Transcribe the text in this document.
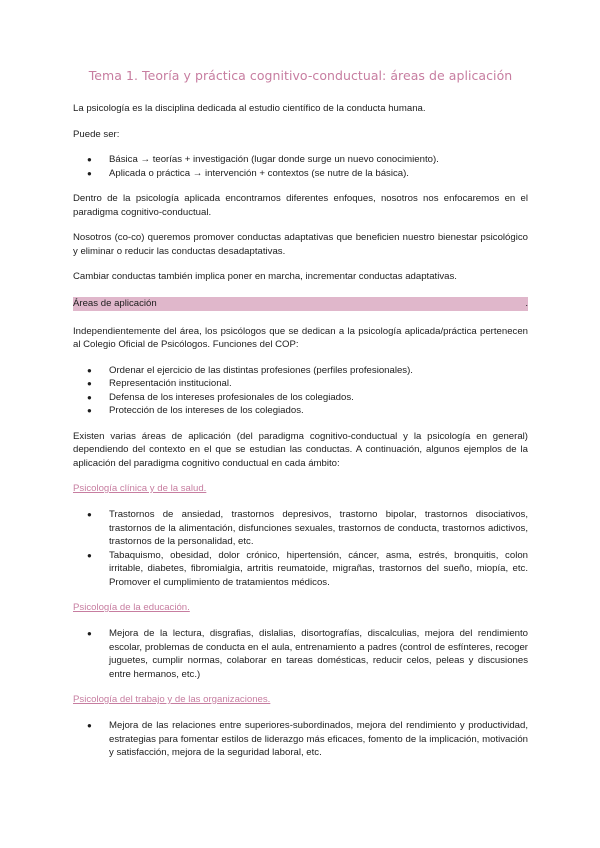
Tema 1. Teoría y práctica cognitivo-conductual: áreas de aplicación

La psicología es la disciplina dedicada al estudio científico de la conducta humana.

Puede ser:

● Básica → teorías + investigación (lugar donde surge un nuevo conocimiento).
● Aplicada o práctica → intervención + contextos (se nutre de la básica).

Dentro de la psicología aplicada encontramos diferentes enfoques, nosotros nos enfocaremos en el paradigma cognitivo-conductual.

Nosotros (co-co) queremos promover conductas adaptativas que beneficien nuestro bienestar psicológico y eliminar o reducir las conductas desadaptativas.

Cambiar conductas también implica poner en marcha, incrementar conductas adaptativas.

Áreas de aplicación	.

Independientemente del área, los psicólogos que se dedican a la psicología aplicada/práctica pertenecen al Colegio Oficial de Psicólogos. Funciones del COP:

● Ordenar el ejercicio de las distintas profesiones (perfiles profesionales).
● Representación institucional.
● Defensa de los intereses profesionales de los colegiados.
● Protección de los intereses de los colegiados.

Existen varias áreas de aplicación (del paradigma cognitivo-conductual y la psicología en general) dependiendo del contexto en el que se estudian las conductas. A continuación, algunos ejemplos de la aplicación del paradigma cognitivo conductual en cada ámbito:

Psicología clínica y de la salud.
● Trastornos de ansiedad, trastornos depresivos, trastorno bipolar, trastornos disociativos, trastornos de la alimentación, disfunciones sexuales, trastornos de conducta, trastornos adictivos, trastornos de la personalidad, etc.
● Tabaquismo, obesidad, dolor crónico, hipertensión, cáncer, asma, estrés, bronquitis, colon irritable, diabetes, fibromialgia, artritis reumatoide, migrañas, trastornos del sueño, miopía, etc. Promover el cumplimiento de tratamientos médicos.
Psicología de la educación.
● Mejora de la lectura, disgrafias, dislalias, disortografías, discalculias, mejora del rendimiento escolar, problemas de conducta en el aula, entrenamiento a padres (control de esfínteres, recoger juguetes, cumplir normas, colaborar en tareas domésticas, reducir celos, peleas y discusiones entre hermanos, etc.)
Psicología del trabajo y de las organizaciones.
● Mejora de las relaciones entre superiores-subordinados, mejora del rendimiento y productividad, estrategias para fomentar estilos de liderazgo más eficaces, fomento de la implicación, motivación y satisfacción, mejora de la seguridad laboral, etc.
